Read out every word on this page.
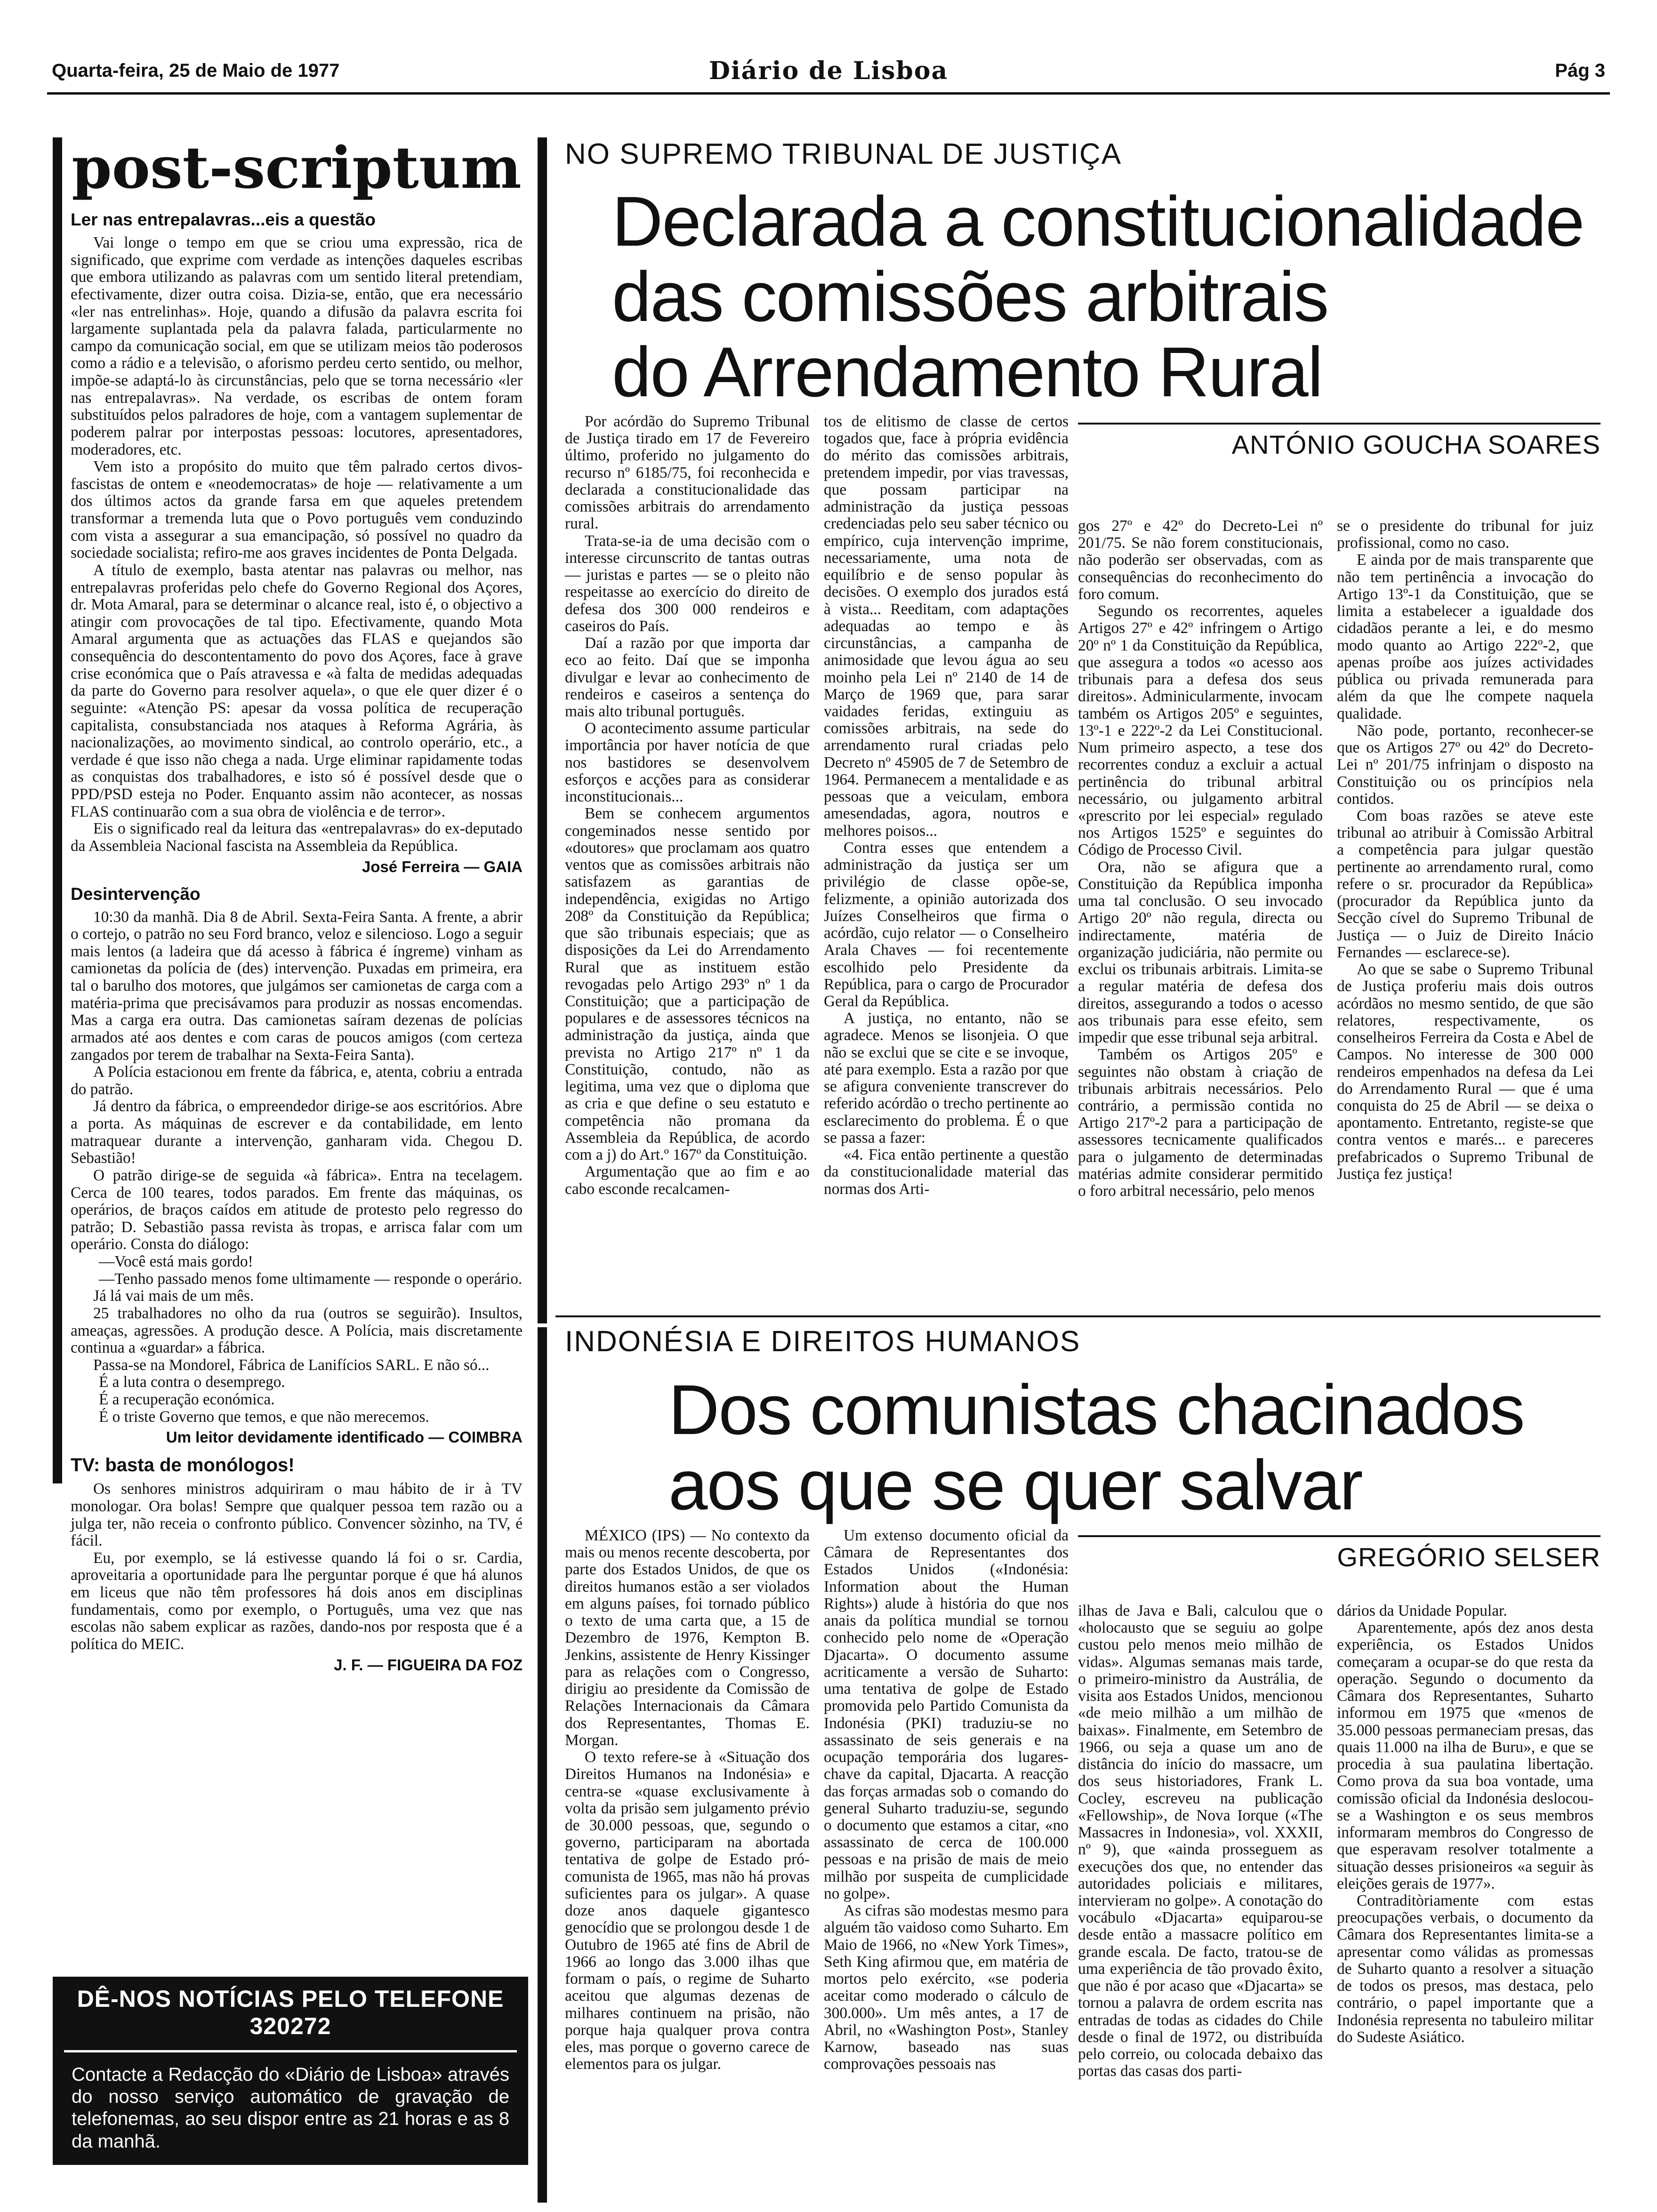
Quarta-feira, 25 de Maio de 1977	Diário de Lisboa	Pág 3
post-scriptum
Ler nas entrepalavras...eis a questão

Vai longe o tempo em que se criou uma expressão, rica de significado, que exprime com verdade as intenções daqueles escribas que embora utilizando as palavras com um sentido literal pretendiam, efectivamente, dizer outra coisa. Dizia-se, então, que era necessário «ler nas entrelinhas». Hoje, quando a difusão da palavra escrita foi largamente suplantada pela da palavra falada, particularmente no campo da comunicação social, em que se utilizam meios tão poderosos como a rádio e a televisão, o aforismo perdeu certo sentido, ou melhor, impõe-se adaptá-lo às circunstâncias, pelo que se torna necessário «ler nas entrepalavras». Na verdade, os escribas de ontem foram substituídos pelos palradores de hoje, com a vantagem suplementar de poderem palrar por interpostas pessoas: locutores, apresentadores, moderadores, etc.

Vem isto a propósito do muito que têm palrado certos divos-fascistas de ontem e «neodemocratas» de hoje — relativamente a um dos últimos actos da grande farsa em que aqueles pretendem transformar a tremenda luta que o Povo português vem conduzindo com vista a assegurar a sua emancipação, só possível no quadro da sociedade socialista; refiro-me aos graves incidentes de Ponta Delgada.

A título de exemplo, basta atentar nas palavras ou melhor, nas entrepalavras proferidas pelo chefe do Governo Regional dos Açores, dr. Mota Amaral, para se determinar o alcance real, isto é, o objectivo a atingir com provocações de tal tipo. Efectivamente, quando Mota Amaral argumenta que as actuações das FLAS e quejandos são consequência do descontentamento do povo dos Açores, face à grave crise económica que o País atravessa e «à falta de medidas adequadas da parte do Governo para resolver aquela», o que ele quer dizer é o seguinte: «Atenção PS: apesar da vossa política de recuperação capitalista, consubstanciada nos ataques à Reforma Agrária, às nacionalizações, ao movimento sindical, ao controlo operário, etc., a verdade é que isso não chega a nada. Urge eliminar rapidamente todas as conquistas dos trabalhadores, e isto só é possível desde que o PPD/PSD esteja no Poder. Enquanto assim não acontecer, as nossas FLAS continuarão com a sua obra de violência e de terror».

Eis o significado real da leitura das «entrepalavras» do ex-deputado da Assembleia Nacional fascista na Assembleia da República.

José Ferreira — GAIA
Desintervenção

10:30 da manhã. Dia 8 de Abril. Sexta-Feira Santa. A frente, a abrir o cortejo, o patrão no seu Ford branco, veloz e silencioso. Logo a seguir mais lentos (a ladeira que dá acesso à fábrica é íngreme) vinham as camionetas da polícia de (des) intervenção. Puxadas em primeira, era tal o barulho dos motores, que julgámos ser camionetas de carga com a matéria-prima que precisávamos para produzir as nossas encomendas. Mas a carga era outra. Das camionetas saíram dezenas de polícias armados até aos dentes e com caras de poucos amigos (com certeza zangados por terem de trabalhar na Sexta-Feira Santa).

A Polícia estacionou em frente da fábrica, e, atenta, cobriu a entrada do patrão.

Já dentro da fábrica, o empreendedor dirige-se aos escritórios. Abre a porta. As máquinas de escrever e da contabilidade, em lento matraquear durante a intervenção, ganharam vida. Chegou D. Sebastião!

O patrão dirige-se de seguida «à fábrica». Entra na tecelagem. Cerca de 100 teares, todos parados. Em frente das máquinas, os operários, de braços caídos em atitude de protesto pelo regresso do patrão; D. Sebastião passa revista às tropas, e arrisca falar com um operário. Consta do diálogo:

—Você está mais gordo!

—Tenho passado menos fome ultimamente — responde o operário.

Já lá vai mais de um mês.

25 trabalhadores no olho da rua (outros se seguirão). Insultos, ameaças, agressões. A produção desce. A Polícia, mais discretamente continua a «guardar» a fábrica.

Passa-se na Mondorel, Fábrica de Lanifícios SARL. E não só...

É a luta contra o desemprego.

É a recuperação económica.

É o triste Governo que temos, e que não merecemos.

Um leitor devidamente identificado — COIMBRA
TV: basta de monólogos!

Os senhores ministros adquiriram o mau hábito de ir à TV monologar. Ora bolas! Sempre que qualquer pessoa tem razão ou a julga ter, não receia o confronto público. Convencer sòzinho, na TV, é fácil.

Eu, por exemplo, se lá estivesse quando lá foi o sr. Cardia, aproveitaria a oportunidade para lhe perguntar porque é que há alunos em liceus que não têm professores há dois anos em disciplinas fundamentais, como por exemplo, o Português, uma vez que nas escolas não sabem explicar as razões, dando-nos por resposta que é a política do MEIC.

J. F. — FIGUEIRA DA FOZ
DÊ-NOS NOTÍCIAS PELO TELEFONE 320272
Contacte a Redacção do «Diário de Lisboa» através do nosso serviço automático de gravação de telefonemas, ao seu dispor entre as 21 horas e as 8 da manhã.
NO SUPREMO TRIBUNAL DE JUSTIÇA
Declarada a constitucionalidade
das comissões arbitrais
do Arrendamento Rural

Por acórdão do Supremo Tribunal de Justiça tirado em 17 de Fevereiro último, proferido no julgamento do recurso nº 6185/75, foi reconhecida e declarada a constitucionalidade das comissões arbitrais do arrendamento rural.

Trata-se-ia de uma decisão com o interesse circunscrito de tantas outras — juristas e partes — se o pleito não respeitasse ao exercício do direito de defesa dos 300 000 rendeiros e caseiros do País.

Daí a razão por que importa dar eco ao feito. Daí que se imponha divulgar e levar ao conhecimento de rendeiros e caseiros a sentença do mais alto tribunal português.

O acontecimento assume particular importância por haver notícia de que nos bastidores se desenvolvem esforços e acções para as considerar inconstitucionais...

Bem se conhecem argumentos congeminados nesse sentido por «doutores» que proclamam aos quatro ventos que as comissões arbitrais não satisfazem as garantias de independência, exigidas no Artigo 208º da Constituição da República; que são tribunais especiais; que as disposições da Lei do Arrendamento Rural que as instituem estão revogadas pelo Artigo 293º nº 1 da Constituição; que a participação de populares e de assessores técnicos na administração da justiça, ainda que prevista no Artigo 217º nº 1 da Constituição, contudo, não as legitima, uma vez que o diploma que as cria e que define o seu estatuto e competência não promana da Assembleia da República, de acordo com a j) do Art.º 167º da Constituição.

Argumentação que ao fim e ao cabo esconde recalcamen-

tos de elitismo de classe de certos togados que, face à própria evidência do mérito das comissões arbitrais, pretendem impedir, por vias travessas, que possam participar na administração da justiça pessoas credenciadas pelo seu saber técnico ou empírico, cuja intervenção imprime, necessariamente, uma nota de equilíbrio e de senso popular às decisões. O exemplo dos jurados está à vista... Reeditam, com adaptações adequadas ao tempo e às circunstâncias, a campanha de animosidade que levou água ao seu moinho pela Lei nº 2140 de 14 de Março de 1969 que, para sarar vaidades feridas, extinguiu as comissões arbitrais, na sede do arrendamento rural criadas pelo Decreto nº 45905 de 7 de Setembro de 1964. Permanecem a mentalidade e as pessoas que a veiculam, embora amesendadas, agora, noutros e melhores poisos...

Contra esses que entendem a administração da justiça ser um privilégio de classe opõe-se, felizmente, a opinião autorizada dos Juízes Conselheiros que firma o acórdão, cujo relator — o Conselheiro Arala Chaves — foi recentemente escolhido pelo Presidente da República, para o cargo de Procurador Geral da República.

A justiça, no entanto, não se agradece. Menos se lisonjeia. O que não se exclui que se cite e se invoque, até para exemplo. Esta a razão por que se afigura conveniente transcrever do referido acórdão o trecho pertinente ao esclarecimento do problema. É o que se passa a fazer:

«4. Fica então pertinente a questão da constitucionalidade material das normas dos Arti-

ANTÓNIO GOUCHA SOARES

gos 27º e 42º do Decreto-Lei nº 201/75. Se não forem constitucionais, não poderão ser observadas, com as consequências do reconhecimento do foro comum.

Segundo os recorrentes, aqueles Artigos 27º e 42º infringem o Artigo 20º nº 1 da Constituição da República, que assegura a todos «o acesso aos tribunais para a defesa dos seus direitos». Adminicularmente, invocam também os Artigos 205º e seguintes, 13º-1 e 222º-2 da Lei Constitucional. Num primeiro aspecto, a tese dos recorrentes conduz a excluir a actual pertinência do tribunal arbitral necessário, ou julgamento arbitral «prescrito por lei especial» regulado nos Artigos 1525º e seguintes do Código de Processo Civil.

Ora, não se afigura que a Constituição da República imponha uma tal conclusão. O seu invocado Artigo 20º não regula, directa ou indirectamente, matéria de organização judiciária, não permite ou exclui os tribunais arbitrais. Limita-se a regular matéria de defesa dos direitos, assegurando a todos o acesso aos tribunais para esse efeito, sem impedir que esse tribunal seja arbitral.

Também os Artigos 205º e seguintes não obstam à criação de tribunais arbitrais necessários. Pelo contrário, a permissão contida no Artigo 217º-2 para a participação de assessores tecnicamente qualificados para o julgamento de determinadas matérias admite considerar permitido o foro arbitral necessário, pelo menos

se o presidente do tribunal for juiz profissional, como no caso.

E ainda por de mais transparente que não tem pertinência a invocação do Artigo 13º-1 da Constituição, que se limita a estabelecer a igualdade dos cidadãos perante a lei, e do mesmo modo quanto ao Artigo 222º-2, que apenas proíbe aos juízes actividades pública ou privada remunerada para além da que lhe compete naquela qualidade.

Não pode, portanto, reconhecer-se que os Artigos 27º ou 42º do Decreto-Lei nº 201/75 infrinjam o disposto na Constituição ou os princípios nela contidos.

Com boas razões se ateve este tribunal ao atribuir à Comissão Arbitral a competência para julgar questão pertinente ao arrendamento rural, como refere o sr. procurador da República» (procurador da República junto da Secção cível do Supremo Tribunal de Justiça — o Juiz de Direito Inácio Fernandes — esclarece-se).

Ao que se sabe o Supremo Tribunal de Justiça proferiu mais dois outros acórdãos no mesmo sentido, de que são relatores, respectivamente, os conselheiros Ferreira da Costa e Abel de Campos. No interesse de 300 000 rendeiros empenhados na defesa da Lei do Arrendamento Rural — que é uma conquista do 25 de Abril — se deixa o apontamento. Entretanto, registe-se que contra ventos e marés... e pareceres prefabricados o Supremo Tribunal de Justiça fez justiça!

INDONÉSIA E DIREITOS HUMANOS
Dos comunistas chacinados
aos que se quer salvar

MÉXICO (IPS) — No contexto da mais ou menos recente descoberta, por parte dos Estados Unidos, de que os direitos humanos estão a ser violados em alguns países, foi tornado público o texto de uma carta que, a 15 de Dezembro de 1976, Kempton B. Jenkins, assistente de Henry Kissinger para as relações com o Congresso, dirigiu ao presidente da Comissão de Relações Internacionais da Câmara dos Representantes, Thomas E. Morgan.

O texto refere-se à «Situação dos Direitos Humanos na Indonésia» e centra-se «quase exclusivamente à volta da prisão sem julgamento prévio de 30.000 pessoas, que, segundo o governo, participaram na abortada tentativa de golpe de Estado pró-comunista de 1965, mas não há provas suficientes para os julgar». A quase doze anos daquele gigantesco genocídio que se prolongou desde 1 de Outubro de 1965 até fins de Abril de 1966 ao longo das 3.000 ilhas que formam o país, o regime de Suharto aceitou que algumas dezenas de milhares continuem na prisão, não porque haja qualquer prova contra eles, mas porque o governo carece de elementos para os julgar.

Um extenso documento oficial da Câmara de Representantes dos Estados Unidos («Indonésia: Information about the Human Rights») alude à história do que nos anais da política mundial se tornou conhecido pelo nome de «Operação Djacarta». O documento assume acriticamente a versão de Suharto: uma tentativa de golpe de Estado promovida pelo Partido Comunista da Indonésia (PKI) traduziu-se no assassinato de seis generais e na ocupação temporária dos lugares-chave da capital, Djacarta. A reacção das forças armadas sob o comando do general Suharto traduziu-se, segundo o documento que estamos a citar, «no assassinato de cerca de 100.000 pessoas e na prisão de mais de meio milhão por suspeita de cumplicidade no golpe».

As cifras são modestas mesmo para alguém tão vaidoso como Suharto. Em Maio de 1966, no «New York Times», Seth King afirmou que, em matéria de mortos pelo exército, «se poderia aceitar como moderado o cálculo de 300.000». Um mês antes, a 17 de Abril, no «Washington Post», Stanley Karnow, baseado nas suas comprovações pessoais nas

GREGÓRIO SELSER

ilhas de Java e Bali, calculou que o «holocausto que se seguiu ao golpe custou pelo menos meio milhão de vidas». Algumas semanas mais tarde, o primeiro-ministro da Austrália, de visita aos Estados Unidos, mencionou «de meio milhão a um milhão de baixas». Finalmente, em Setembro de 1966, ou seja a quase um ano de distância do início do massacre, um dos seus historiadores, Frank L. Cocley, escreveu na publicação «Fellowship», de Nova Iorque («The Massacres in Indonesia», vol. XXXII, nº 9), que «ainda prosseguem as execuções dos que, no entender das autoridades policiais e militares, intervieram no golpe». A conotação do vocábulo «Djacarta» equiparou-se desde então a massacre político em grande escala. De facto, tratou-se de uma experiência de tão provado êxito, que não é por acaso que «Djacarta» se tornou a palavra de ordem escrita nas entradas de todas as cidades do Chile desde o final de 1972, ou distribuída pelo correio, ou colocada debaixo das portas das casas dos parti-

dários da Unidade Popular.

Aparentemente, após dez anos desta experiência, os Estados Unidos começaram a ocupar-se do que resta da operação. Segundo o documento da Câmara dos Representantes, Suharto informou em 1975 que «menos de 35.000 pessoas permaneciam presas, das quais 11.000 na ilha de Buru», e que se procedia à sua paulatina libertação. Como prova da sua boa vontade, uma comissão oficial da Indonésia deslocou-se a Washington e os seus membros informaram membros do Congresso de que esperavam resolver totalmente a situação desses prisioneiros «a seguir às eleições gerais de 1977».

Contraditòriamente com estas preocupações verbais, o documento da Câmara dos Representantes limita-se a apresentar como válidas as promessas de Suharto quanto a resolver a situação de todos os presos, mas destaca, pelo contrário, o papel importante que a Indonésia representa no tabuleiro militar do Sudeste Asiático.
